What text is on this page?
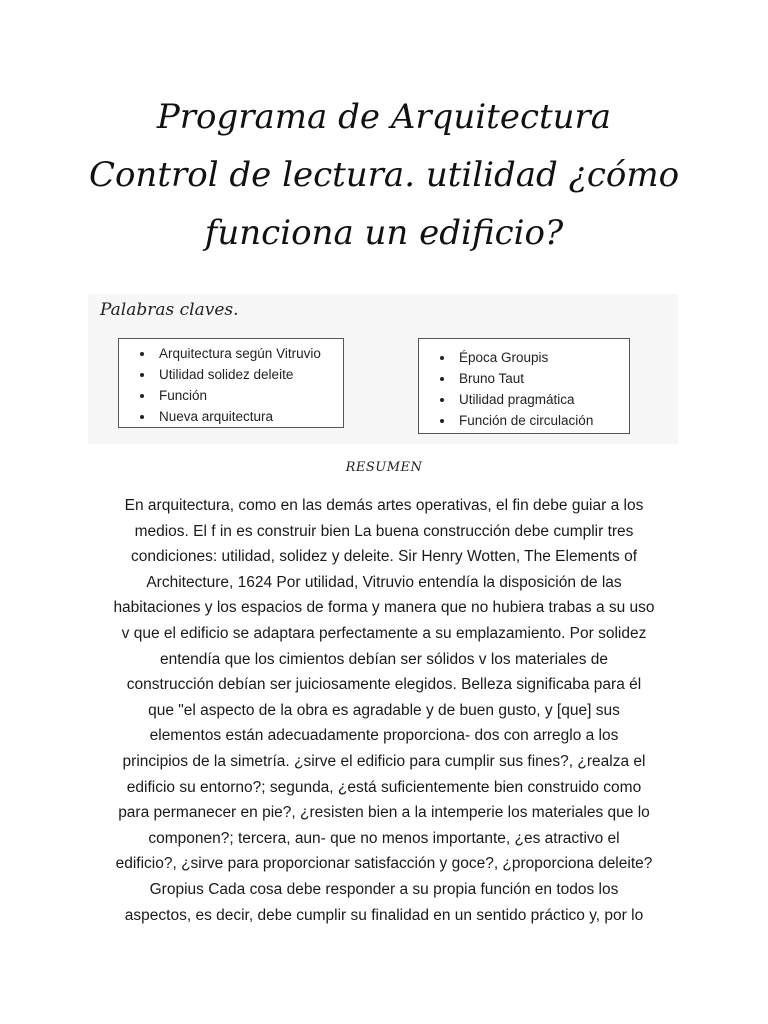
Programa de Arquitectura
Control de lectura. utilidad ¿cómo
funciona un edificio?
Palabras claves.
• Arquitectura según Vitruvio
• Utilidad solidez deleite
• Función
• Nueva arquitectura
• Época Groupis
• Bruno Taut
• Utilidad pragmática
• Función de circulación
RESUMEN
En arquitectura, como en las demás artes operativas, el fin debe guiar a los
medios. El f in es construir bien La buena construcción debe cumplir tres
condiciones: utilidad, solidez y deleite. Sir Henry Wotten, The Elements of
Architecture, 1624 Por utilidad, Vitruvio entendía la disposición de las
habitaciones y los espacios de forma y manera que no hubiera trabas a su uso
v que el edificio se adaptara perfectamente a su emplazamiento. Por solidez
entendía que los cimientos debían ser sólidos v los materiales de
construcción debían ser juiciosamente elegidos. Belleza significaba para él
que "el aspecto de la obra es agradable y de buen gusto, y [que] sus
elementos están adecuadamente proporciona- dos con arreglo a los
principios de la simetría. ¿sirve el edificio para cumplir sus fines?, ¿realza el
edificio su entorno?; segunda, ¿está suficientemente bien construido como
para permanecer en pie?, ¿resisten bien a la intemperie los materiales que lo
componen?; tercera, aun- que no menos importante, ¿es atractivo el
edificio?, ¿sirve para proporcionar satisfacción y goce?, ¿proporciona deleite?
Gropius Cada cosa debe responder a su propia función en todos los
aspectos, es decir, debe cumplir su finalidad en un sentido práctico y, por lo
